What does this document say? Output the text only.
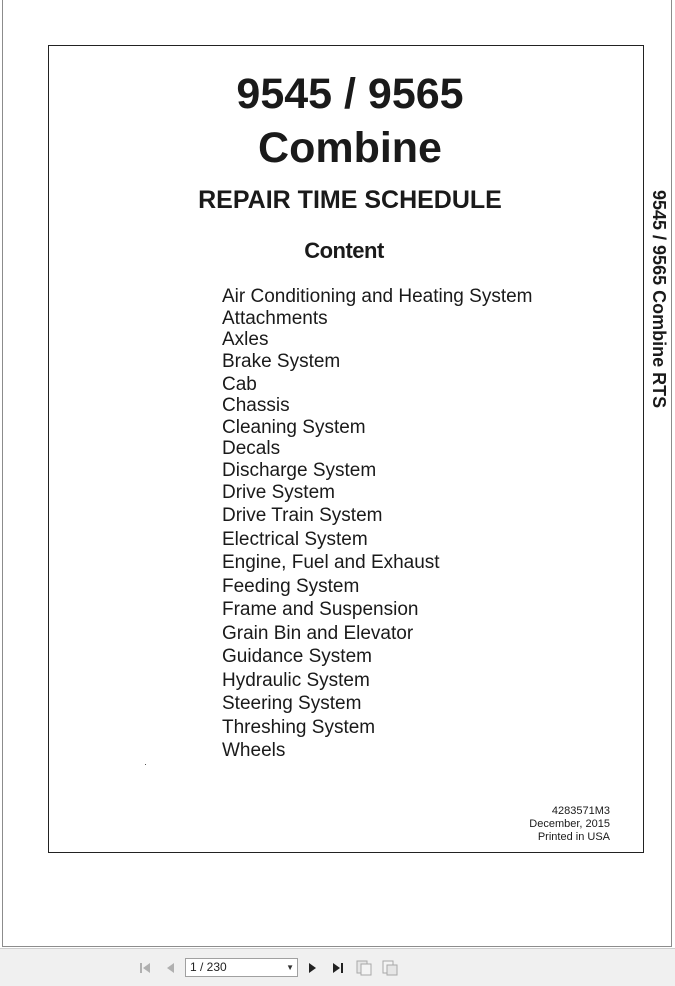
9545 / 9565
Combine
REPAIR TIME SCHEDULE
Content
Air Conditioning and Heating System
Attachments
Axles
Brake System
Cab
Chassis
Cleaning System
Decals
Discharge System
Drive System
Drive Train System
Electrical System
Engine, Fuel and Exhaust
Feeding System
Frame and Suspension
Grain Bin and Elevator
Guidance System
Hydraulic System
Steering System
Threshing System
Wheels
4283571M3
December, 2015
Printed in USA
9545 / 9565 Combine RTS
1 / 230	▼
